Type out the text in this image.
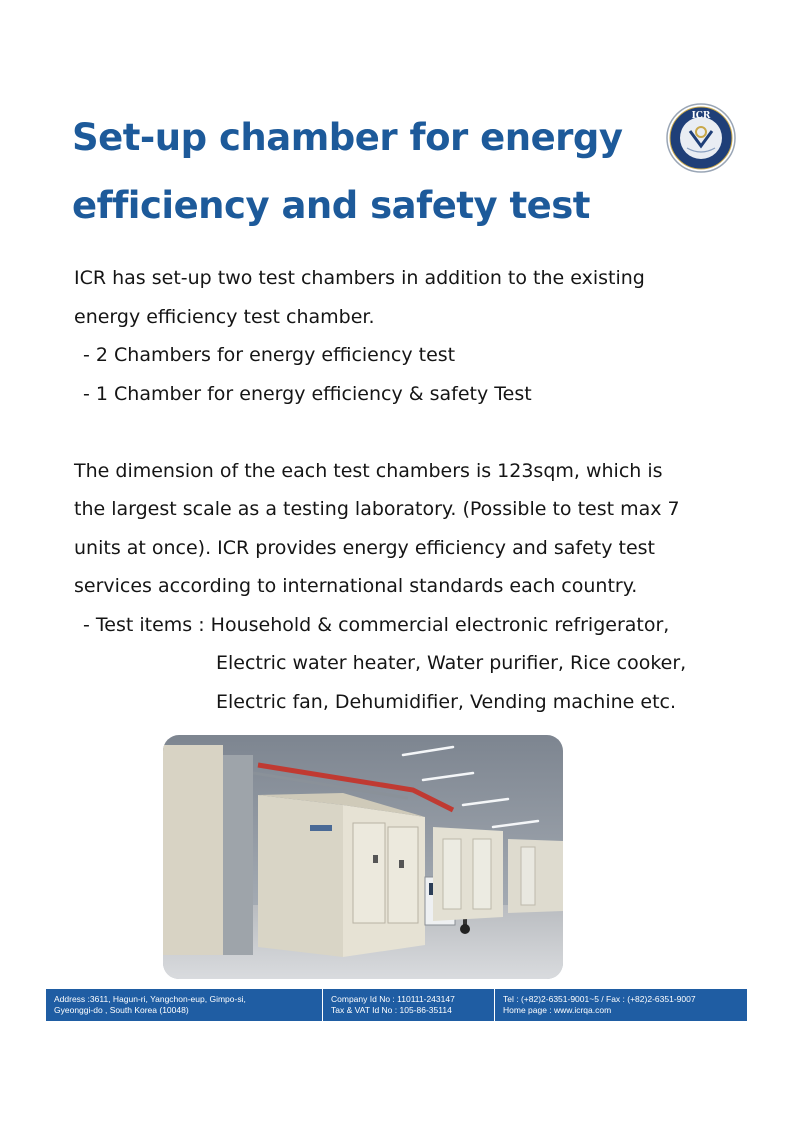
Set-up chamber for energy
efficiency and safety test
ICR

ICR has set-up two test chambers in addition to the existing

energy efficiency test chamber.

- 2 Chambers for energy efficiency test

- 1 Chamber for energy efficiency & safety Test

The dimension of the each test chambers is 123sqm, which is

the largest scale as a testing laboratory. (Possible to test max 7

units at once). ICR provides energy efficiency and safety test

services according to international standards each country.

- Test items : Household & commercial electronic refrigerator,

Electric water heater, Water purifier, Rice cooker,

Electric fan, Dehumidifier, Vending machine etc.

Address :3611, Hagun-ri, Yangchon-eup, Gimpo-si,
Gyeonggi-do , South Korea (10048)
Company Id No : 110111-243147
Tax & VAT Id No : 105-86-35114
Tel : (+82)2-6351-9001~5 / Fax : (+82)2-6351-9007
Home page : www.icrqa.com
